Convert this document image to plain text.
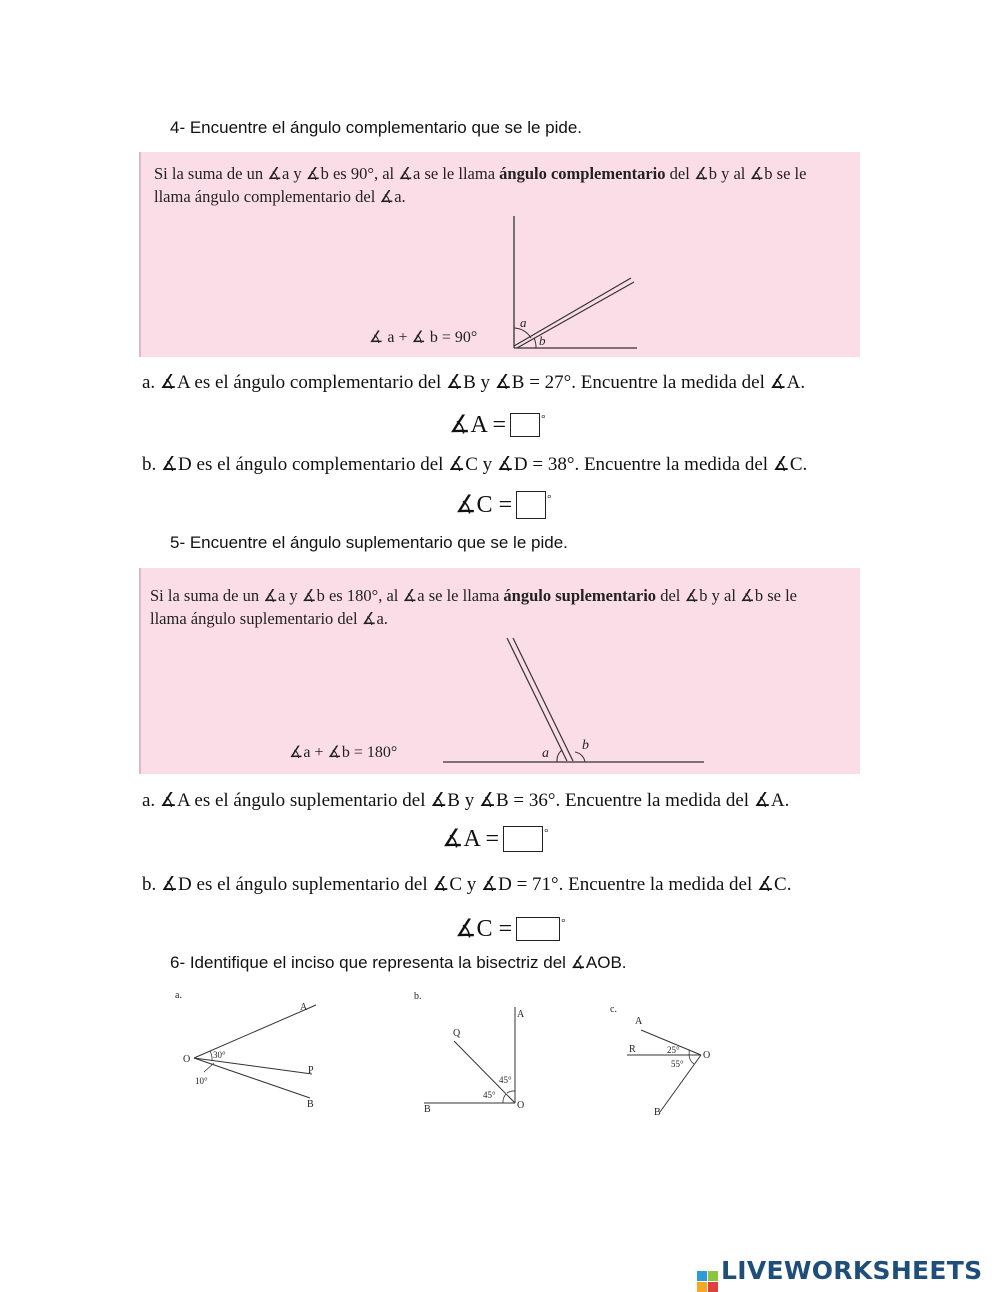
4- Encuentre el ángulo complementario que se le pide.
Si la suma de un ∡a y ∡b es 90°, al ∡a se le llama ángulo complementario del ∡b y al ∡b se le
llama ángulo complementario del ∡a.
∡ a + ∡ b = 90°
a
b
a. ∡A es el ángulo complementario del ∡B y ∡B = 27°. Encuentre la medida del ∡A.
∡A =	°
b. ∡D es el ángulo complementario del ∡C y ∡D = 38°. Encuentre la medida del ∡C.
∡C =	°
5- Encuentre el ángulo suplementario que se le pide.
Si la suma de un ∡a y ∡b es 180°, al ∡a se le llama ángulo suplementario del ∡b y al ∡b se le
llama ángulo suplementario del ∡a.
∡a + ∡b = 180°	a
b
a. ∡A es el ángulo suplementario del ∡B y ∡B = 36°. Encuentre la medida del ∡A.
∡A =	°
b. ∡D es el ángulo suplementario del ∡C y ∡D = 71°. Encuentre la medida del ∡C.
∡C =	°
6- Identifique el inciso que representa la bisectriz del ∡AOB.
a.
O
A
P
B
30°
10°
b.
Q
A
B	O
45°
45°
c.
A
R
O
B
25°
55°
LIVEWORKSHEETS
